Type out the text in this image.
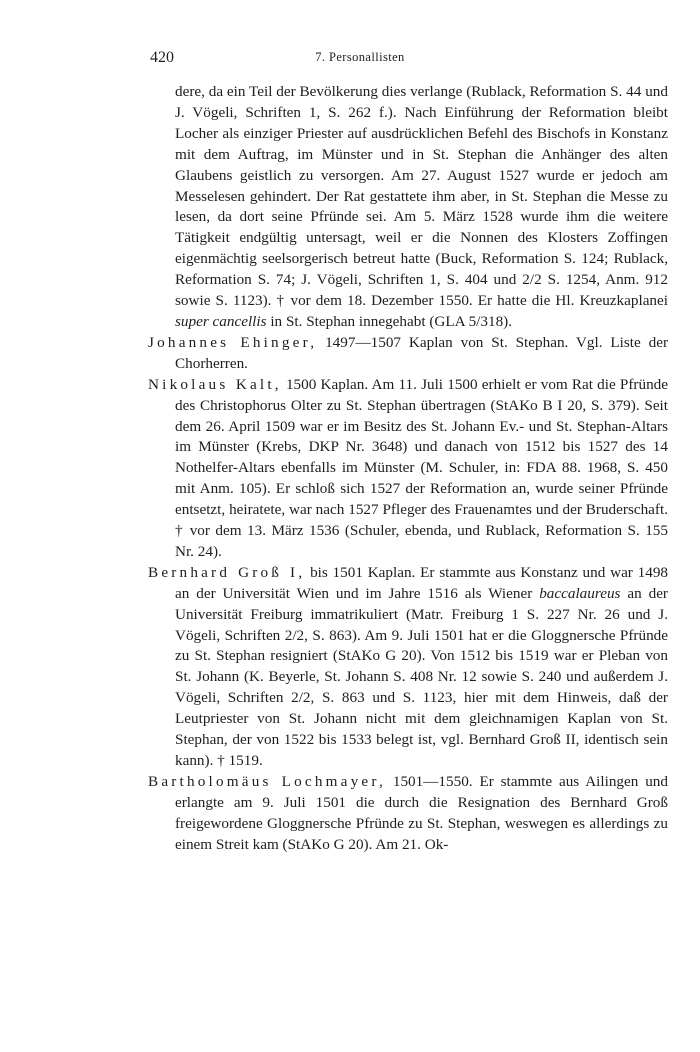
420	7. Personallisten

dere, da ein Teil der Bevölkerung dies verlange (Rublack, Reformation S. 44 und J. Vögeli, Schriften 1, S. 262 f.). Nach Einführung der Reformation bleibt Locher als einziger Priester auf ausdrücklichen Befehl des Bischofs in Konstanz mit dem Auftrag, im Münster und in St. Stephan die Anhänger des alten Glaubens geistlich zu versorgen. Am 27. August 1527 wurde er jedoch am Messelesen gehindert. Der Rat gestattete ihm aber, in St. Stephan die Messe zu lesen, da dort seine Pfründe sei. Am 5. März 1528 wurde ihm die weitere Tätigkeit endgültig untersagt, weil er die Nonnen des Klosters Zoffingen eigenmächtig seelsorgerisch betreut hatte (Buck, Reformation S. 124; Rublack, Reformation S. 74; J. Vögeli, Schriften 1, S. 404 und 2/2 S. 1254, Anm. 912 sowie S. 1123). † vor dem 18. Dezember 1550. Er hatte die Hl. Kreuzkaplanei super cancellis in St. Stephan innegehabt (GLA 5/318).

Johannes Ehinger, 1497—1507 Kaplan von St. Stephan. Vgl. Liste der Chorherren.

Nikolaus Kalt, 1500 Kaplan. Am 11. Juli 1500 erhielt er vom Rat die Pfründe des Christophorus Olter zu St. Stephan übertragen (StAKo B I 20, S. 379). Seit dem 26. April 1509 war er im Besitz des St. Johann Ev.- und St. Stephan-Altars im Münster (Krebs, DKP Nr. 3648) und danach von 1512 bis 1527 des 14 Nothelfer-Altars ebenfalls im Münster (M. Schuler, in: FDA 88. 1968, S. 450 mit Anm. 105). Er schloß sich 1527 der Reformation an, wurde seiner Pfründe entsetzt, heiratete, war nach 1527 Pfleger des Frauenamtes und der Bruderschaft. † vor dem 13. März 1536 (Schuler, ebenda, und Rublack, Reformation S. 155 Nr. 24).

Bernhard Groß I, bis 1501 Kaplan. Er stammte aus Konstanz und war 1498 an der Universität Wien und im Jahre 1516 als Wiener baccalaureus an der Universität Freiburg immatrikuliert (Matr. Freiburg 1 S. 227 Nr. 26 und J. Vögeli, Schriften 2/2, S. 863). Am 9. Juli 1501 hat er die Gloggnersche Pfründe zu St. Stephan resigniert (StAKo G 20). Von 1512 bis 1519 war er Pleban von St. Johann (K. Beyerle, St. Johann S. 408 Nr. 12 sowie S. 240 und außerdem J. Vögeli, Schriften 2/2, S. 863 und S. 1123, hier mit dem Hinweis, daß der Leutpriester von St. Johann nicht mit dem gleichnamigen Kaplan von St. Stephan, der von 1522 bis 1533 belegt ist, vgl. Bernhard Groß II, identisch sein kann). † 1519.

Bartholomäus Lochmayer, 1501—1550. Er stammte aus Ailingen und erlangte am 9. Juli 1501 die durch die Resignation des Bernhard Groß freigewordene Gloggnersche Pfründe zu St. Stephan, weswegen es allerdings zu einem Streit kam (StAKo G 20). Am 21. Ok-
